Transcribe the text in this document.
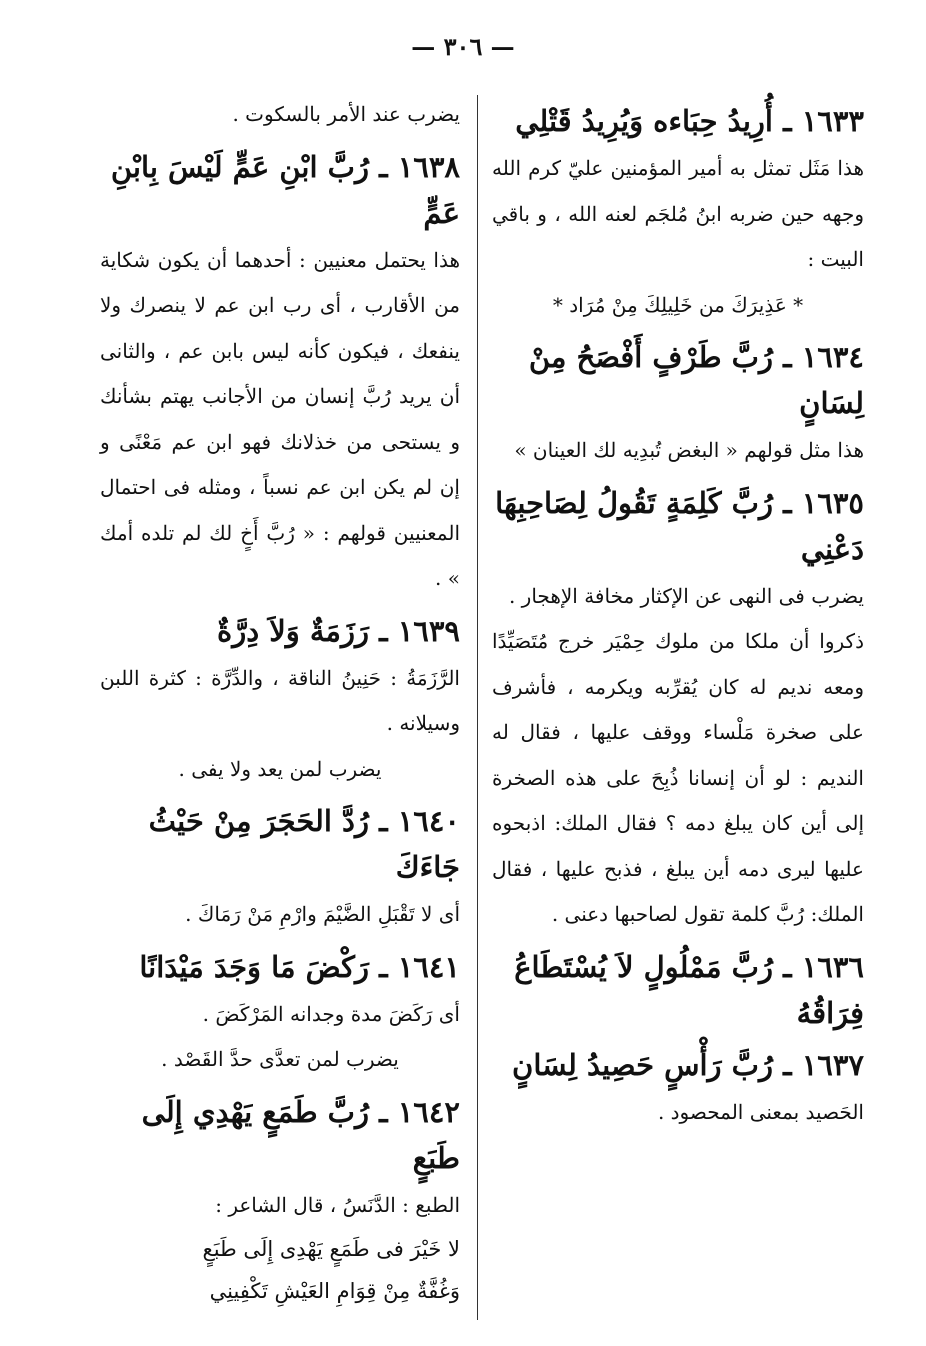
— ٣٠٦ —
١٦٣٣ ـ أُرِيدُ حِبَاءه وَيُرِيدُ قَتْلِي

هذا مَثَل تمثل به أمير المؤمنين عليّ كرم الله وجهه حين ضربه ابنُ مُلجَم لعنه الله ، و باقي البيت :

* عَذِيرَكَ من خَلِيلِكَ مِنْ مُرَاد *

١٦٣٤ ـ رُبَّ طَرْفٍ أَفْصَحُ مِنْ لِسَانٍ

هذا مثل قولهم « البغض تُبدِيه لك العينان »

١٦٣٥ ـ رُبَّ كَلِمَةٍ تَقُولُ لِصَاحِبِهَا دَعْنِي

يضرب فى النهى عن الإكثار مخافة الإهجار .

ذكروا أن ملكا من ملوك حِمْيَر خرج مُتَصَيِّدًا ومعه نديم له كان يُقرِّبه ويكرمه ، فأشرف على صخرة مَلْساء ووقف عليها ، فقال له النديم : لو أن إنسانا ذُبِحَ على هذه الصخرة إلى أين كان يبلغ دمه ؟ فقال الملك: اذبحوه عليها ليرى دمه أين يبلغ ، فذبح عليها ، فقال الملك: رُبَّ كلمة تقول لصاحبها دعنى .

١٦٣٦ ـ رُبَّ مَمْلُولٍ لاَ يُسْتَطَاعُ فِرَاقُهُ
١٦٣٧ ـ رُبَّ رَأْسٍ حَصِيدُ لِسَانٍ

الحَصيد بمعنى المحصود .

يضرب عند الأمر بالسكوت .

١٦٣٨ ـ رُبَّ ابْنِ عَمٍّ لَيْسَ بِابْنِ عَمٍّ

هذا يحتمل معنيين : أحدهما أن يكون شكاية من الأقارب ، أى رب ابن عم لا ينصرك ولا ينفعك ، فيكون كأنه ليس بابن عم ، والثانى أن يريد رُبَّ إنسان من الأجانب يهتم بشأنك و يستحى من خذلانك فهو ابن عم مَعْنًى و إن لم يكن ابن عم نسباً ، ومثله فى احتمال المعنيين قولهم : « رُبَّ أَخٍ لك لم تلده أمك » .

١٦٣٩ ـ رَزَمَةٌ وَلاَ دِرَّةٌ

الرَّزَمَةُ : حَنِينُ الناقة ، والدِّرَّة : كثرة اللبن وسيلانه .

يضرب لمن يعد ولا يفى .

١٦٤٠ ـ رُدَّ الحَجَرَ مِنْ حَيْثُ جَاءَكَ

أى لا تَقْبَلِ الضَّيْمَ وارْمِ مَنْ رَمَاكَ .

١٦٤١ ـ رَكْضَ مَا وَجَدَ مَيْدَانًا

أى رَكَضَ مدة وجدانه المَرْكَضَ .

يضرب لمن تعدَّى حدَّ القَصْد .

١٦٤٢ ـ رُبَّ طَمَعٍ يَهْدِي إِلَى طَبَعٍ

الطبع : الدَّنَسُ ، قال الشاعر :

لا خَيْرَ فى طَمَعٍ يَهْدِى إِلَى طَبَعٍ

وَغُفَّةٌ مِنْ قِوَامِ العَيْشِ تَكْفِينِي
